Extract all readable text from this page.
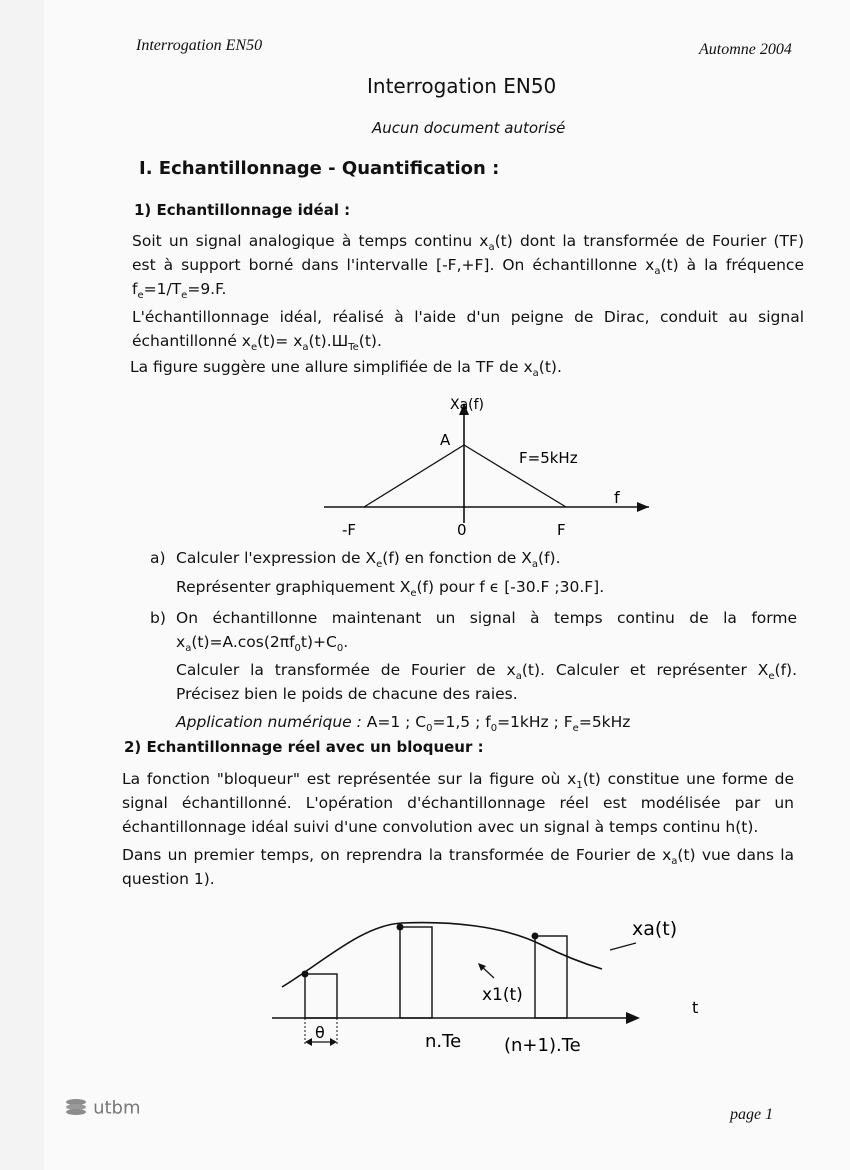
Interrogation EN50	Automne 2004
Interrogation EN50
Aucun document autorisé
I. Echantillonnage - Quantification :
1) Echantillonnage idéal :
Soit un signal analogique à temps continu $x_a(t)$ dont la transformée de Fourier (TF)
est à support borné dans l'intervalle [-F,+F]. On échantillonne $x_a(t)$ à la fréquence
$f_e=1/T_e=9.F$.
L'échantillonnage idéal, réalisé à l'aide d'un peigne de Dirac, conduit au signal
échantillonné $x_e(t)= x_a(t).Ш_{Te}(t)$.
La figure suggère une allure simplifiée de la TF de $x_a(t)$.
Xa(f)
A
F=5kHz
f
-F	0	F
a) Calculer l'expression de $X_e(f)$ en fonction de $X_a(f)$.
Représenter graphiquement $X_e(f)$ pour f ϵ [-30.F ;30.F].
b) On échantillonne maintenant un signal à temps continu de la forme
$x_a(t)=A.\cos(2\pi f_0t)+C_0$.
Calculer la transformée de Fourier de $x_a(t)$. Calculer et représenter $X_e(f)$.
Précisez bien le poids de chacune des raies.
Application numérique : A=1 ; $C_0=1,5$ ; $f_0=1kHz$ ; $F_e=5kHz$
2) Echantillonnage réel avec un bloqueur :
La fonction "bloqueur" est représentée sur la figure où $x_1(t)$ constitue une forme de
signal échantillonné. L'opération d'échantillonnage réel est modélisée par un
échantillonnage idéal suivi d'une convolution avec un signal à temps continu h(t).
Dans un premier temps, on reprendra la transformée de Fourier de $x_a(t)$ vue dans la
question 1).
θ
x1(t)
xa(t)
n.Te (n+1).Te
t
utbm	page 1
